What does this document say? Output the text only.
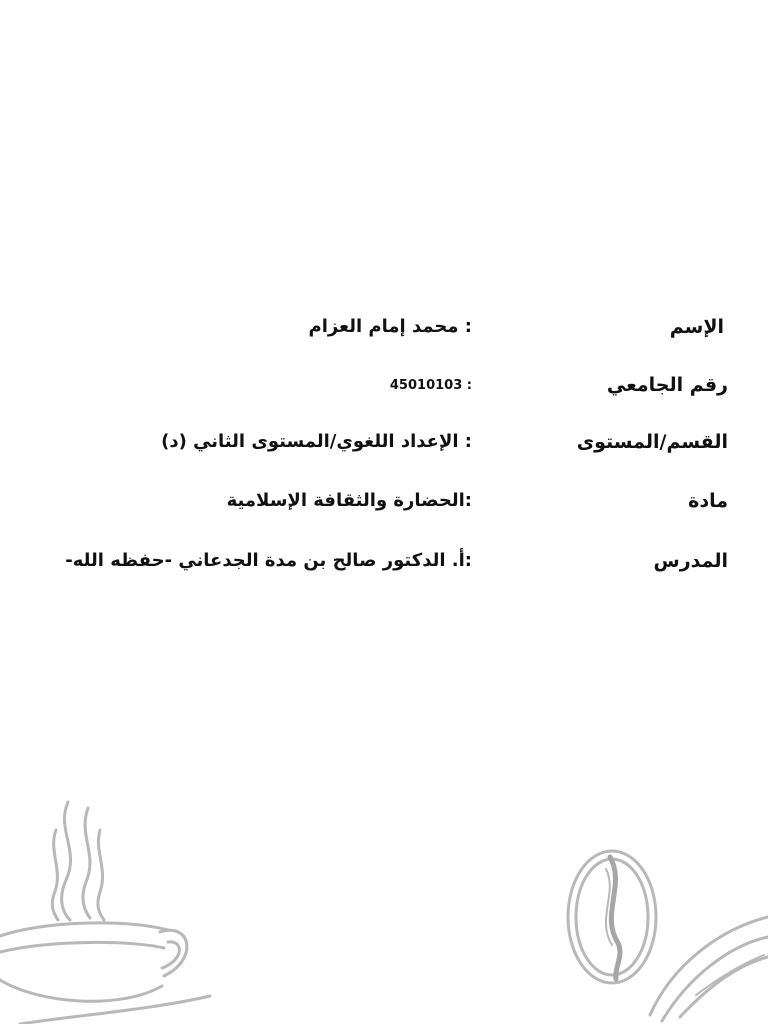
الإسم
: محمد إمام العزام
رقم الجامعي
: 45010103
القسم/المستوى
: الإعداد اللغوي/المستوى الثاني (د)
مادة
:الحضارة والثقافة الإسلامية
المدرس
:أ. الدكتور صالح بن مدة الجدعاني -حفظه الله-
